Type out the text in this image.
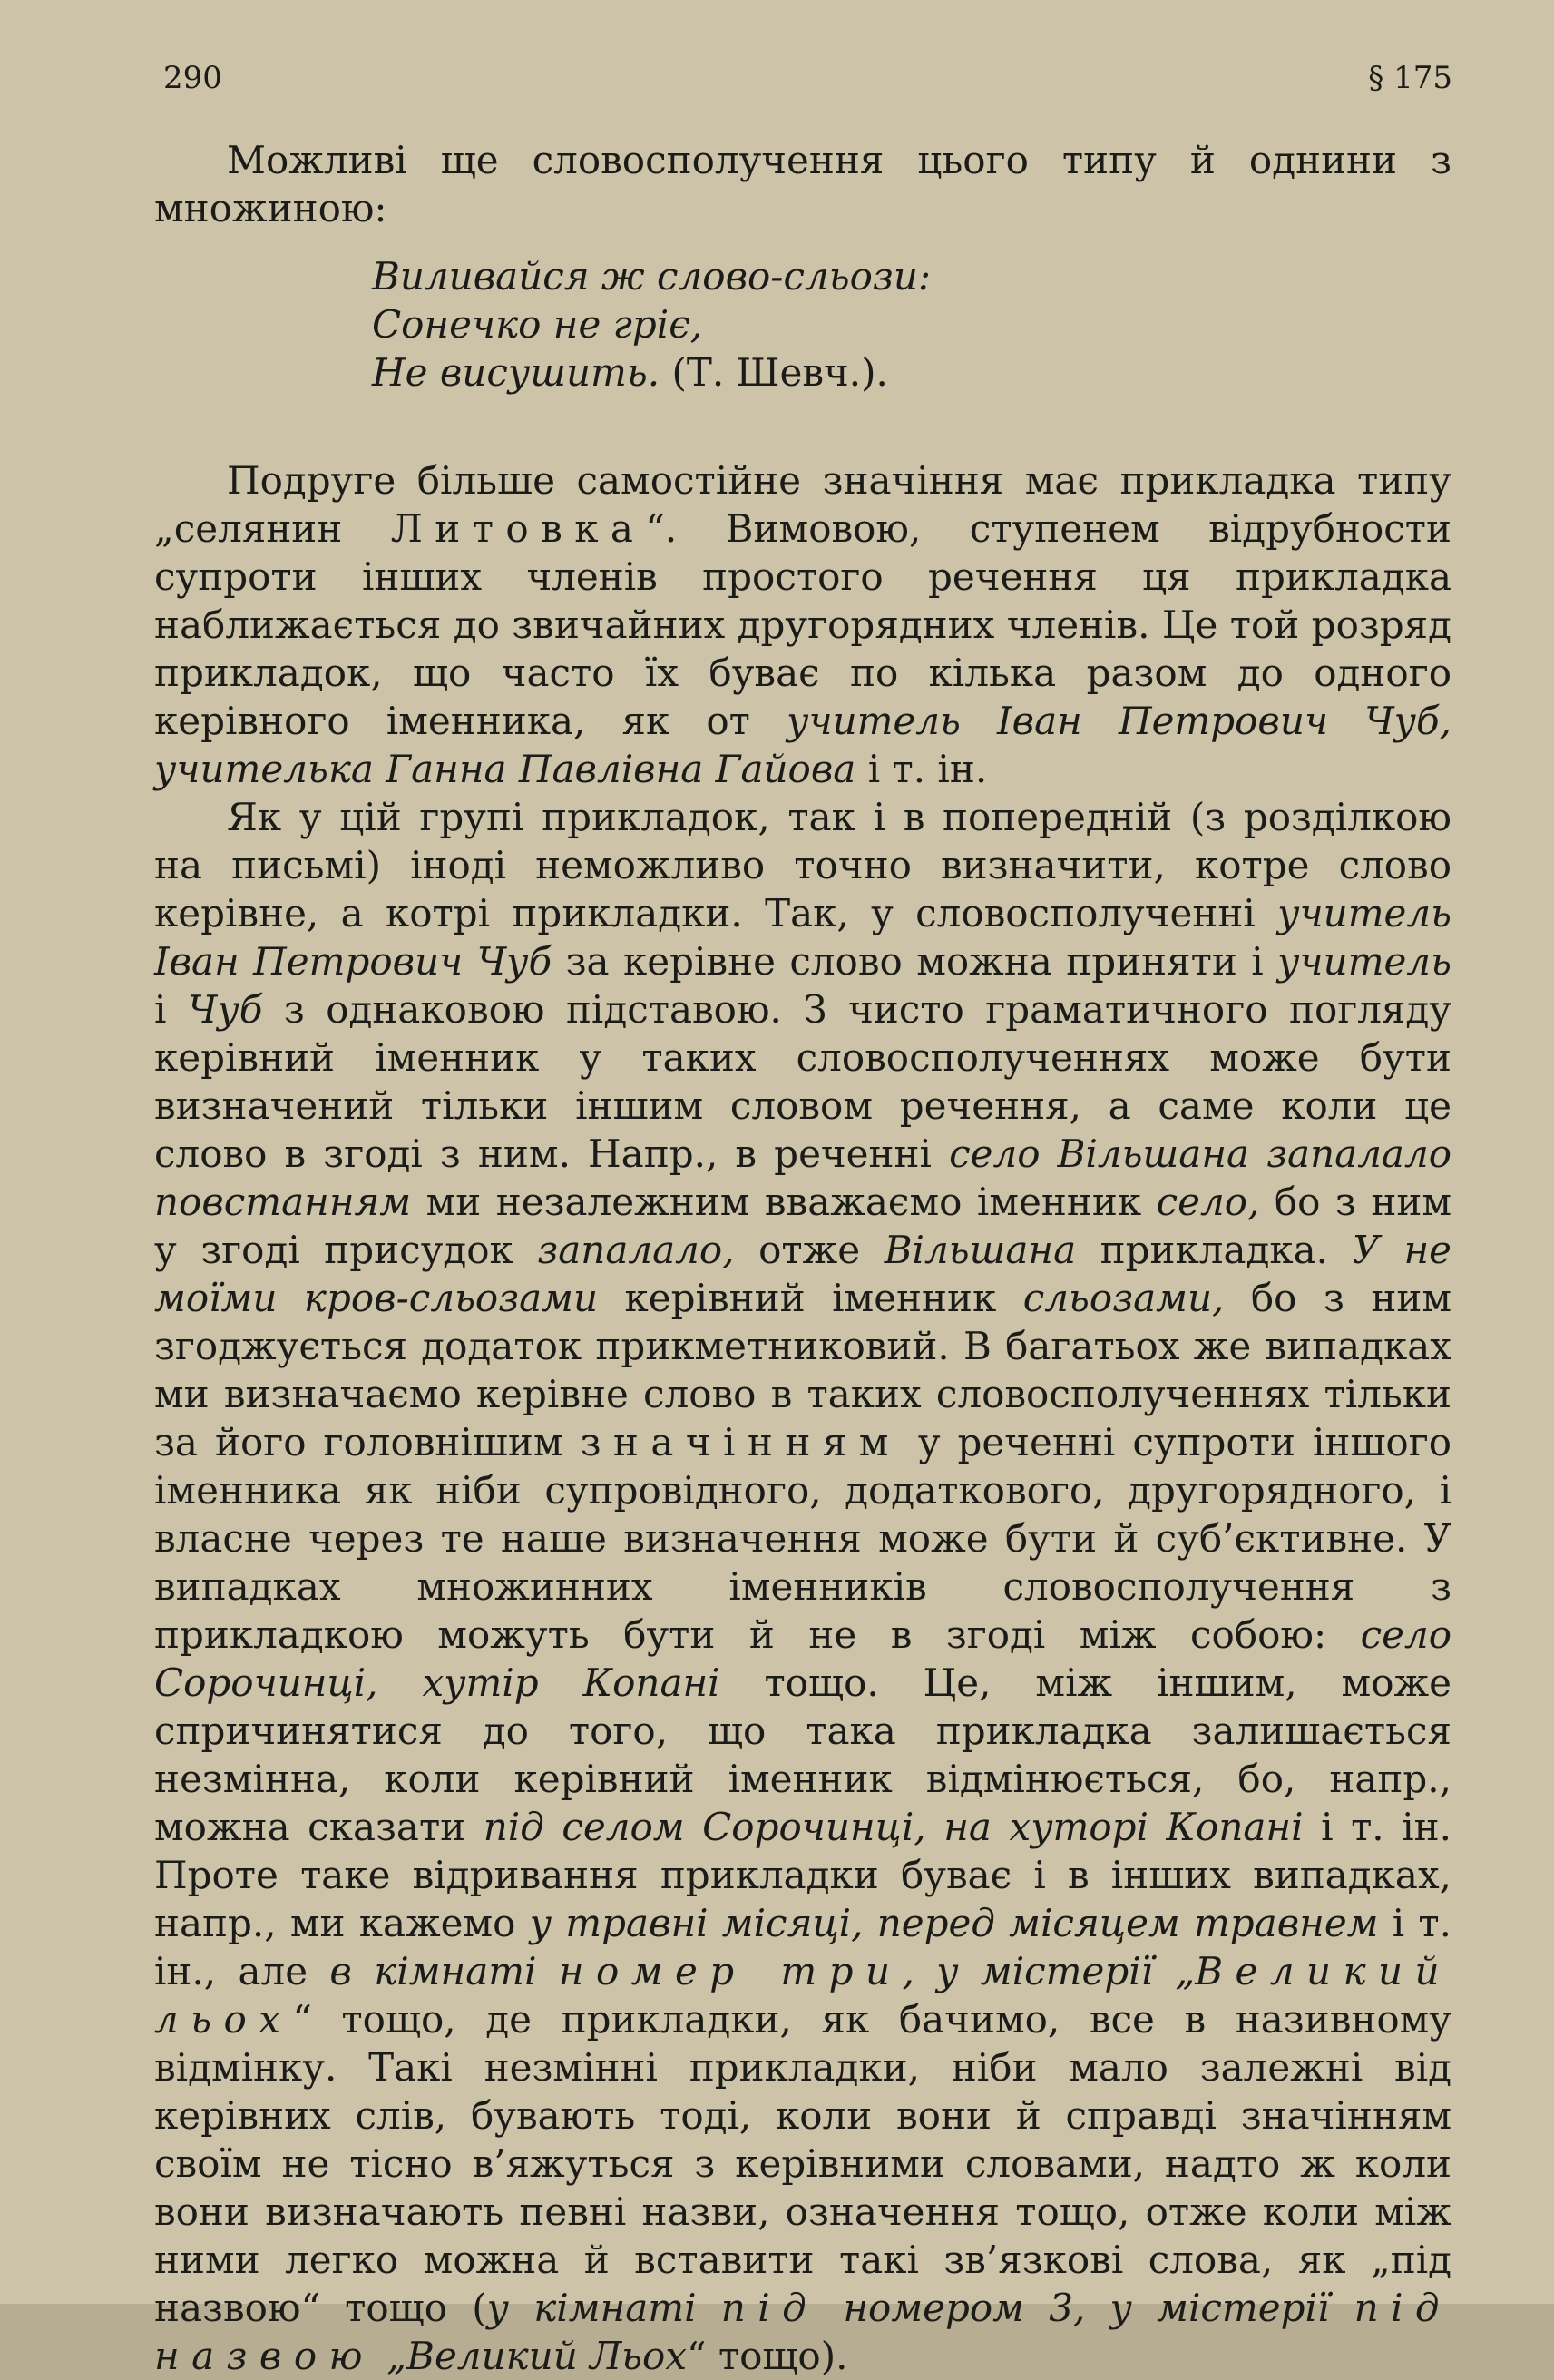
290	§ 175

Можливі ще словосполучення цього типу й однини з множиною:

Виливайся ж слово-сльози:
Сонечко не гріє,
Не висушить. (Т. Шевч.).

Подруге більше самостійне значіння має прикладка типу „селянин Литовка“. Вимовою, ступенем відрубности супроти інших членів простого речення ця прикладка наближається до звичайних другорядних членів. Це той розряд прикладок, що часто їх буває по кілька разом до одного керівного іменника, як от учитель Іван Петрович Чуб, учителька Ганна Павлівна Гайова і т. ін.

Як у цій групі прикладок, так і в попередній (з розділкою на письмі) іноді неможливо точно визначити, котре слово керівне, а котрі прикладки. Так, у словосполученні учитель Іван Петрович Чуб за керівне слово можна приняти і учитель і Чуб з однаковою підставою. З чисто граматичного погляду керівний іменник у таких словосполученнях може бути визначений тільки іншим словом речення, а саме коли це слово в згоді з ним. Напр., в реченні село Вільшана запалало повстанням ми незалежним вважаємо іменник село, бо з ним у згоді присудок запалало, отже Вільшана прикладка. У не моїми кров-сльозами керівний іменник сльозами, бо з ним згоджується додаток прикметниковий. В багатьох же випадках ми визначаємо керівне слово в таких словосполученнях тільки за його головнішим значінням у реченні супроти іншого іменника як ніби супровідного, додаткового, другорядного, і власне через те наше визначення може бути й суб’єктивне. У випадках множинних іменників словосполучення з прикладкою можуть бути й не в згоді між собою: село Сорочинці, хутір Копані тощо. Це, між іншим, може спричинятися до того, що така прикладка залишається незмінна, коли керівний іменник відмінюється, бо, напр., можна сказати під селом Сорочинці, на хуторі Копані і т. ін. Проте таке відривання прикладки буває і в інших випадках, напр., ми кажемо у травні місяці, перед місяцем травнем і т. ін., але в кімнаті номер три, у містерії „Великий льох“ тощо, де прикладки, як бачимо, все в називному відмінку. Такі незмінні прикладки, ніби мало залежні від керівних слів, бувають тоді, коли вони й справді значінням своїм не тісно в’яжуться з керівними словами, надто ж коли вони визначають певні назви, означення тощо, отже коли між ними легко можна й вставити такі зв’язкові слова, як „під назвою“ тощо (у кімнаті під номером 3, у містерії під назвою „Великий Льох“ тощо).
